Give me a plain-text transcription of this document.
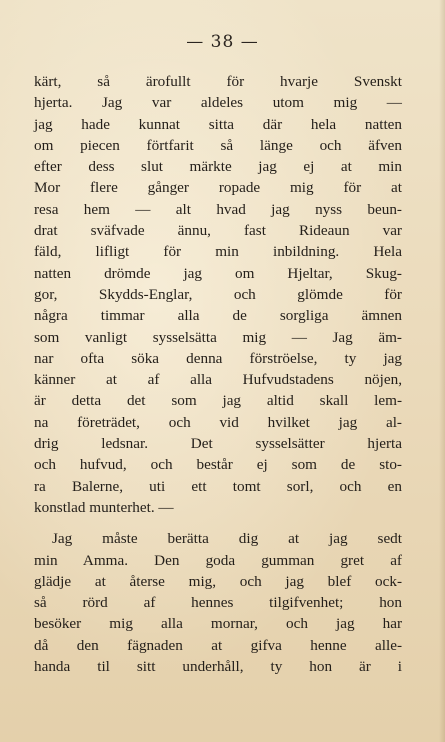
— 38 —
kärt, så ärofullt för hvarje Svenskt
hjerta. Jag var aldeles utom mig —
jag hade kunnat sitta där hela natten
om piecen förtfarit så länge och äfven
efter dess slut märkte jag ej at min
Mor flere gånger ropade mig för at
resa hem — alt hvad jag nyss beun-
drat sväfvade ännu, fast Rideaun var
fäld, lifligt för min inbildning. Hela
natten drömde jag om Hjeltar, Skug-
gor, Skydds-Englar, och glömde för
några timmar alla de sorgliga ämnen
som vanligt sysselsätta mig — Jag äm-
nar ofta söka denna förströelse, ty jag
känner at af alla Hufvudstadens nöjen,
är detta det som jag altid skall lem-
na företrädet, och vid hvilket jag al-
drig ledsnar. Det sysselsätter hjerta
och hufvud, och består ej som de sto-
ra Balerne, uti ett tomt sorl, och en
konstlad munterhet. —
Jag måste berätta dig at jag sedt
min Amma. Den goda gumman gret af
glädje at återse mig, och jag blef ock-
så rörd af hennes tilgifvenhet; hon
besöker mig alla mornar, och jag har
då den fägnaden at gifva henne alle-
handa til sitt underhåll, ty hon är i
